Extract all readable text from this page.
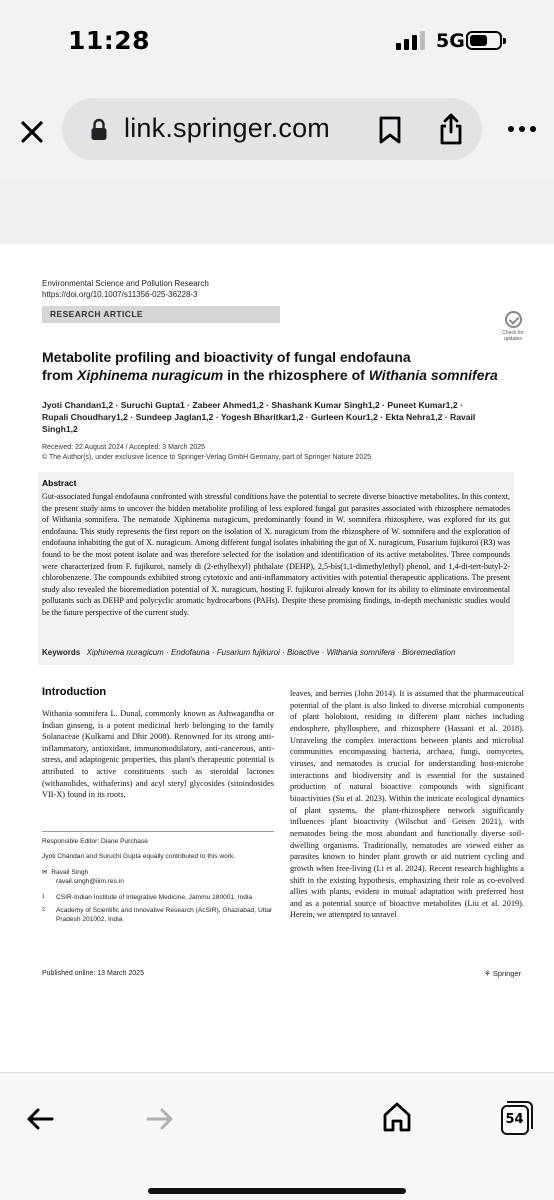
11:28	5G
link.springer.com
Environmental Science and Pollution Research
https://doi.org/10.1007/s11356-025-36228-3
RESEARCH ARTICLE
Check for updates
Metabolite profiling and bioactivity of fungal endofauna
from Xiphinema nuragicum in the rhizosphere of Withania somnifera
Jyoti Chandan1,2 · Suruchi Gupta1 · Zabeer Ahmed1,2 · Shashank Kumar Singh1,2 · Puneet Kumar1,2 ·
Rupali Choudhary1,2 · Sundeep Jaglan1,2 · Yogesh Bharitkar1,2 · Gurleen Kour1,2 · Ekta Nehra1,2 · Ravail Singh1,2
Received: 22 August 2024 / Accepted: 3 March 2025
© The Author(s), under exclusive licence to Springer-Verlag GmbH Germany, part of Springer Nature 2025
Abstract
Gut-associated fungal endofauna confronted with stressful conditions have the potential to secrete diverse bioactive metabolites. In this context, the present study aims to uncover the hidden metabolite profiling of less explored fungal gut parasites associated with rhizosphere nematodes of Withania somnifera. The nematode Xiphinema nuragicum, predominantly found in W. somnifera rhizosphere, was explored for its gut endofauna. This study represents the first report on the isolation of X. nuragicum from the rhizosphere of W. somnifera and the exploration of endofauna inhabiting the gut of X. nuragicum. Among different fungal isolates inhabiting the gut of X. nuragicum, Fusarium fujikuroi (R3) was found to be the most potent isolate and was therefore selected for the isolation and identification of its active metabolites. Three compounds were characterized from F. fujikuroi, namely di (2-ethylhexyl) phthalate (DEHP), 2,5-bis(1,1-dimethylethyl) phenol, and 1,4-di-tert-butyl-2-chlorobenzene. The compounds exhibited strong cytotoxic and anti-inflammatory activities with potential therapeutic applications. The present study also revealed the bioremediation potential of X. nuragicum, hosting F. fujikuroi already known for its ability to eliminate environmental pollutants such as DEHP and polycyclic aromatic hydrocarbons (PAHs). Despite these promising findings, in-depth mechanistic studies would be the future perspective of the current study.
Keywords Xiphinema nuragicum · Endofauna · Fusarium fujikuroi · Bioactive · Withania somnifera · Bioremediation
Introduction
Withania somnifera L. Dunal, commonly known as Ashwagandha or Indian ginseng, is a potent medicinal herb belonging to the family Solanaceae (Kulkarni and Dhir 2008). Renowned for its strong anti-inflammatory, antioxidant, immunomodulatory, anti-cancerous, anti-stress, and adaptogenic properties, this plant's therapeutic potential is attributed to active constituents such as steroidal lactones (withanolides, withaferins) and acyl steryl glycosides (sitoindosides VII-X) found in its roots,
leaves, and berries (John 2014). It is assumed that the pharmaceutical potential of the plant is also linked to diverse microbial components of plant holobiont, residing in different plant niches including endosphere, phyllosphere, and rhizosphere (Hassani et al. 2018). Unraveling the complex interactions between plants and microbial communities encompassing bacteria, archaea, fungi, oomycetes, viruses, and nematodes is crucial for understanding host-microbe interactions and biodiversity and is essential for the sustained production of natural bioactive compounds with significant bioactivities (Su et al. 2023). Within the intricate ecological dynamics of plant systems, the plant-rhizosphere network significantly influences plant bioactivity (Wilschut and Geisen 2021), with nematodes being the most abundant and functionally diverse soil-dwelling organisms. Traditionally, nematodes are viewed either as parasites known to hinder plant growth or aid nutrient cycling and growth when free-living (Li et al. 2024). Recent research highlights a shift in the existing hypothesis, emphasizing their role as co-evolved allies with plants, evident in mutual adaptation with preferred host and as a potential source of bioactive metabolites (Liu et al. 2019). Herein, we attempted to unravel
Responsible Editor: Diane Purchase
Jyoti Chandan and Suruchi Gupta equally contributed to this work.
✉  Ravail Singh
ravail.singh@iiim.res.in
1 CSIR-Indian Institute of Integrative Medicine, Jammu 180001, India
2 Academy of Scientific and Innovative Research (AcSIR), Ghaziabad, Uttar Pradesh 201002, India
Published online: 13 March 2025	⚘ Springer
54
